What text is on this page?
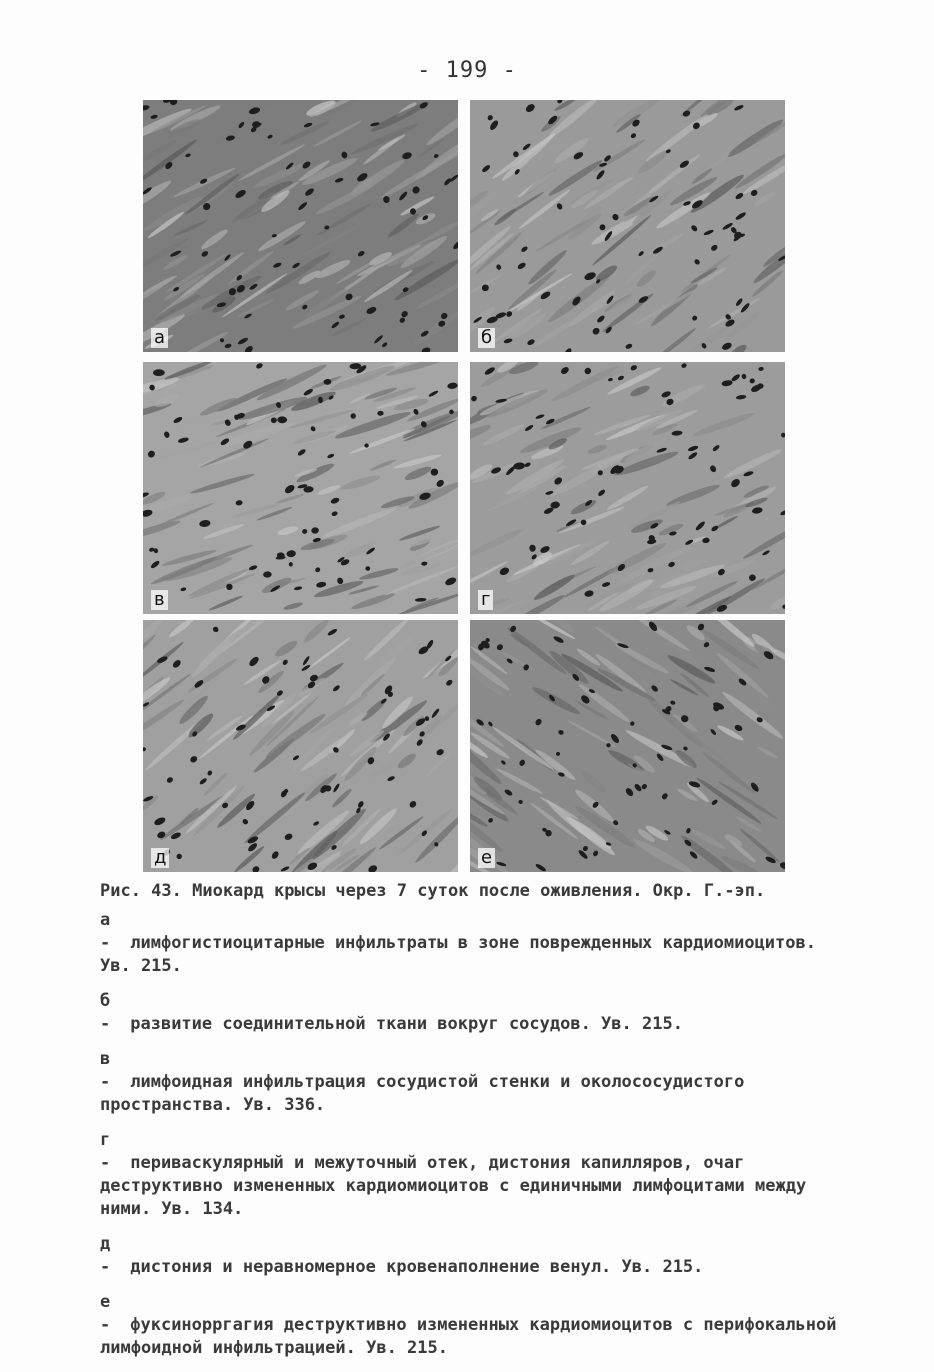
- 199 -
а	б
в	г
д	е
Рис. 43. Миокард крысы через 7 суток после оживления. Окр. Г.-эп.
а - лимфогистиоцитарные инфильтраты в зоне поврежденных кардиомиоцитов. Ув. 215.
б - развитие соединительной ткани вокруг сосудов. Ув. 215.
в - лимфоидная инфильтрация сосудистой стенки и околососудистого пространства. Ув. 336.
г - периваскулярный и межуточный отек, дистония капилляров, очаг деструктивно измененных кардиомиоцитов с единичными лимфоцитами между ними. Ув. 134.
д - дистония и неравномерное кровенаполнение венул. Ув. 215.
е - фуксинорргагия деструктивно измененных кардиомиоцитов с перифокальной лимфоидной инфильтрацией. Ув. 215.
